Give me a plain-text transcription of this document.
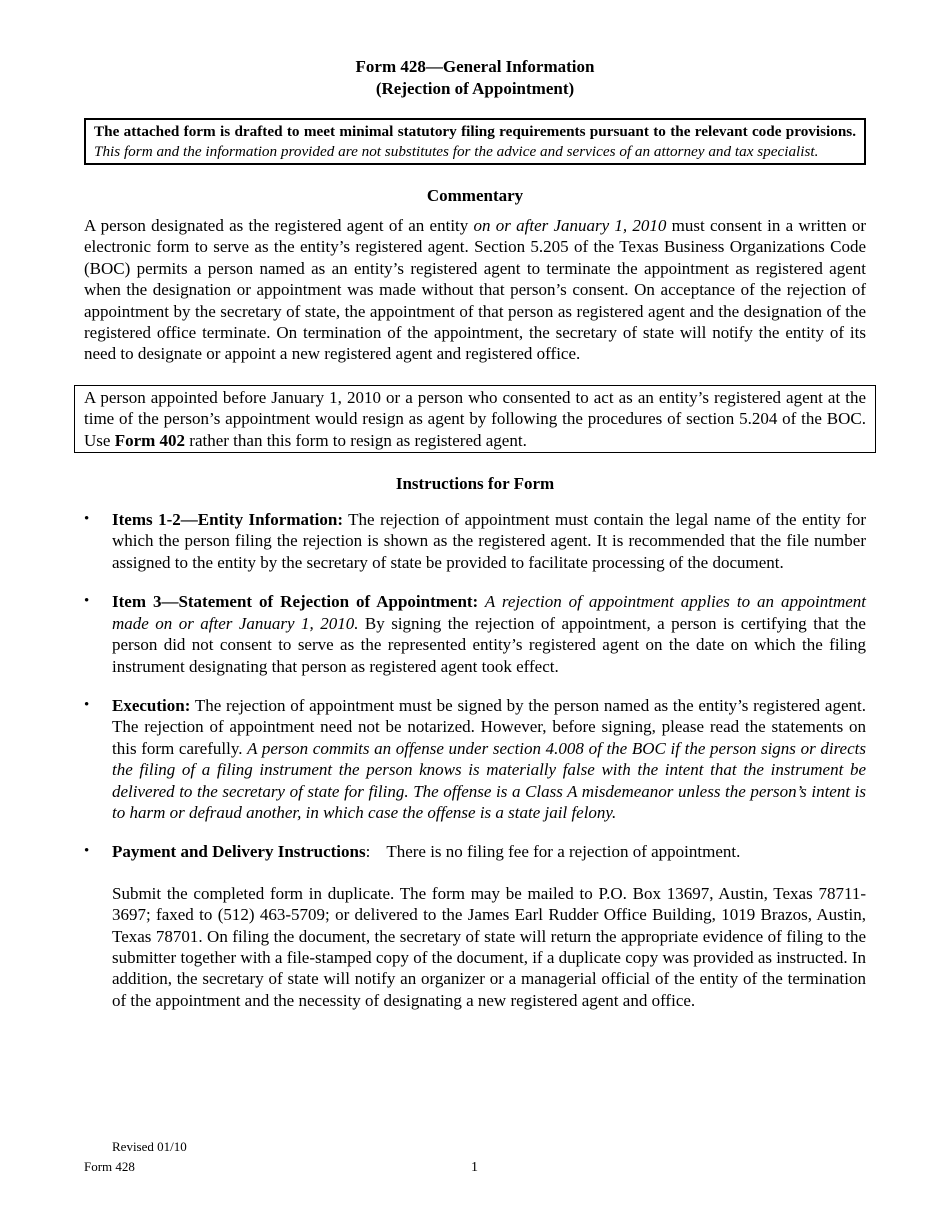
Form 428—General Information

(Rejection of Appointment)

The attached form is drafted to meet minimal statutory filing requirements pursuant to the relevant code provisions. This form and the information provided are not substitutes for the advice and services of an attorney and tax specialist.
Commentary

A person designated as the registered agent of an entity on or after January 1, 2010 must consent in a written or electronic form to serve as the entity’s registered agent. Section 5.205 of the Texas Business Organizations Code (BOC) permits a person named as an entity’s registered agent to terminate the appointment as registered agent when the designation or appointment was made without that person’s consent. On acceptance of the rejection of appointment by the secretary of state, the appointment of that person as registered agent and the designation of the registered office terminate. On termination of the appointment, the secretary of state will notify the entity of its need to designate or appoint a new registered agent and registered office.

A person appointed before January 1, 2010 or a person who consented to act as an entity’s registered agent at the time of the person’s appointment would resign as agent by following the procedures of section 5.204 of the BOC. Use Form 402 rather than this form to resign as registered agent.
Instructions for Form
• Items 1-2—Entity Information: The rejection of appointment must contain the legal name of the entity for which the person filing the rejection is shown as the registered agent. It is recommended that the file number assigned to the entity by the secretary of state be provided to facilitate processing of the document.
• Item 3—Statement of Rejection of Appointment: A rejection of appointment applies to an appointment made on or after January 1, 2010. By signing the rejection of appointment, a person is certifying that the person did not consent to serve as the represented entity’s registered agent on the date on which the filing instrument designating that person as registered agent took effect.
• Execution: The rejection of appointment must be signed by the person named as the entity’s registered agent. The rejection of appointment need not be notarized. However, before signing, please read the statements on this form carefully. A person commits an offense under section 4.008 of the BOC if the person signs or directs the filing of a filing instrument the person knows is materially false with the intent that the instrument be delivered to the secretary of state for filing. The offense is a Class A misdemeanor unless the person’s intent is to harm or defraud another, in which case the offense is a state jail felony.
• Payment and Delivery Instructions: There is no filing fee for a rejection of appointment.

Submit the completed form in duplicate. The form may be mailed to P.O. Box 13697, Austin, Texas 78711-3697; faxed to (512) 463-5709; or delivered to the James Earl Rudder Office Building, 1019 Brazos, Austin, Texas 78701. On filing the document, the secretary of state will return the appropriate evidence of filing to the submitter together with a file-stamped copy of the document, if a duplicate copy was provided as instructed. In addition, the secretary of state will notify an organizer or a managerial official of the entity of the termination of the appointment and the necessity of designating a new registered agent and office.

Revised 01/10
Form 428	1
